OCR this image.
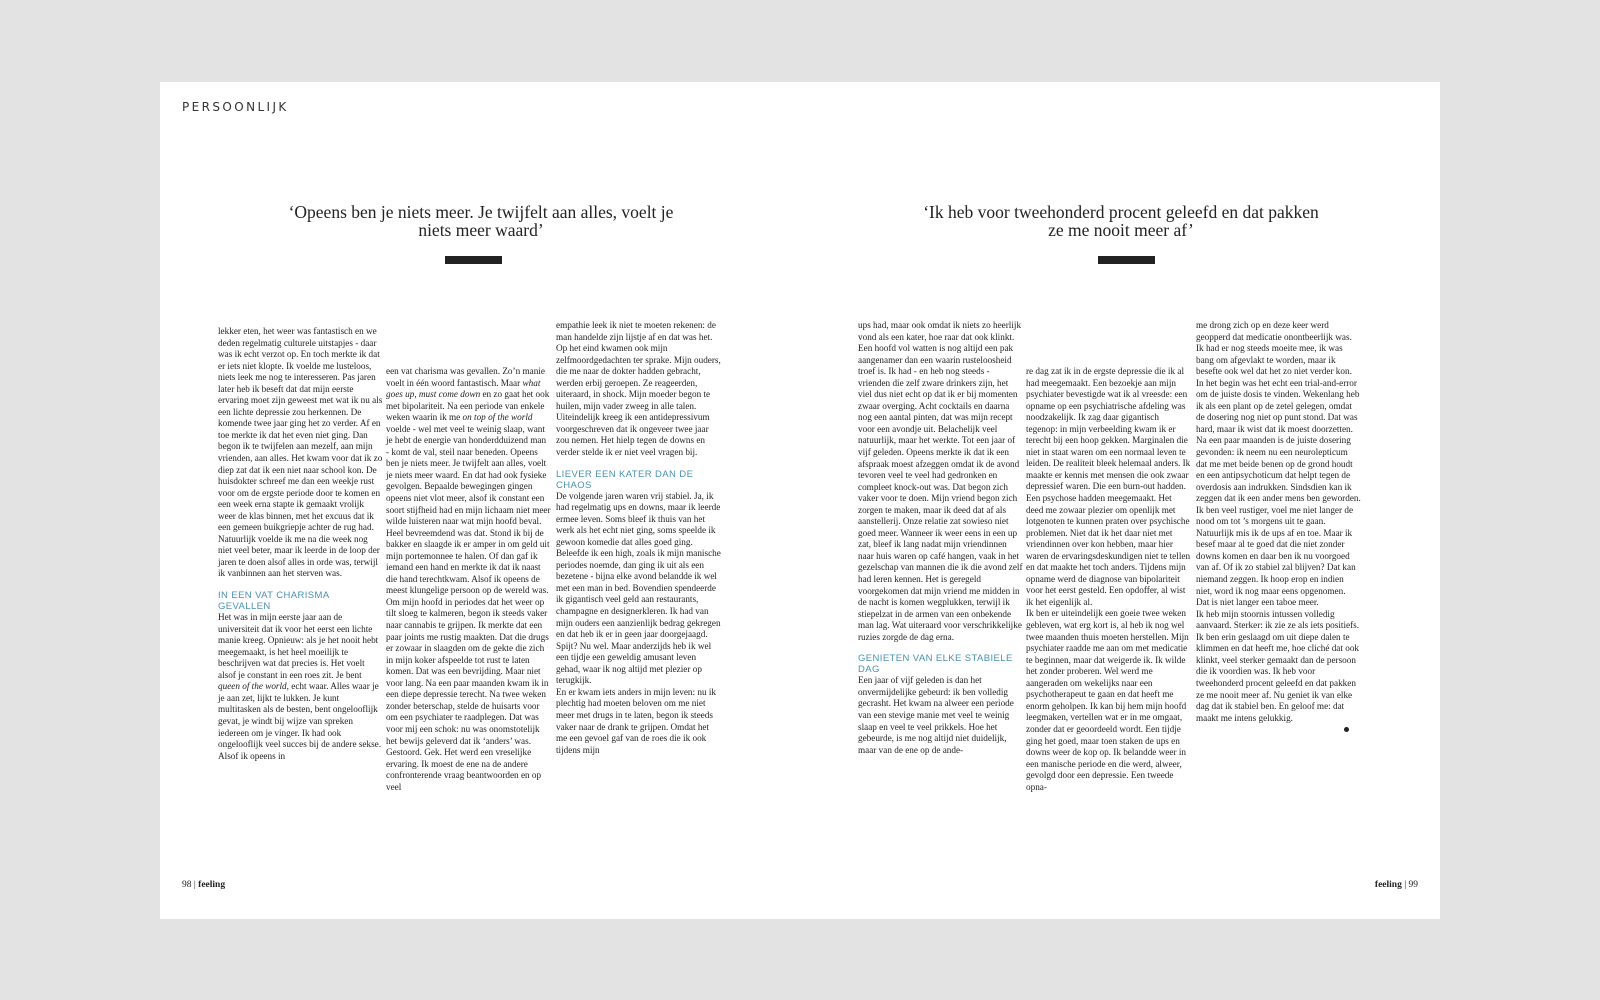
PERSOONLIJK
‘Opeens ben je niets meer. Je twijfelt aan alles, voelt je niets meer waard’

lekker eten, het weer was fantastisch en we deden regelmatig culturele uitstapjes - daar was ik echt verzot op. En toch merkte ik dat er iets niet klopte. Ik voelde me lusteloos, niets leek me nog te interesseren. Pas jaren later heb ik beseft dat dat mijn eerste ervaring moet zijn geweest met wat ik nu als een lichte depressie zou herkennen. De komende twee jaar ging het zo verder. Af en toe merkte ik dat het even niet ging. Dan begon ik te twijfelen aan mezelf, aan mijn vrienden, aan alles. Het kwam voor dat ik zo diep zat dat ik een niet naar school kon. De huisdokter schreef me dan een weekje rust voor om de ergste periode door te komen en een week erna stapte ik gemaakt vrolijk weer de klas binnen, met het excuus dat ik een gemeen buikgriepje achter de rug had. Natuurlijk voelde ik me na die week nog niet veel beter, maar ik leerde in de loop der jaren te doen alsof alles in orde was, terwijl ik vanbinnen aan het sterven was.

IN EEN VAT CHARISMA GEVALLEN

Het was in mijn eerste jaar aan de universiteit dat ik voor het eerst een lichte manie kreeg. Opnieuw: als je het nooit hebt meegemaakt, is het heel moeilijk te beschrijven wat dat precies is. Het voelt alsof je constant in een roes zit. Je bent queen of the world, echt waar. Alles waar je je aan zet, lijkt te lukken. Je kunt multitasken als de besten, bent ongelooflijk gevat, je windt bij wijze van spreken iedereen om je vinger. Ik had ook ongelooflijk veel succes bij de andere sekse. Alsof ik opeens in

een vat charisma was gevallen. Zo’n manie voelt in één woord fantastisch. Maar what goes up, must come down en zo gaat het ook met bipolariteit. Na een periode van enkele weken waarin ik me on top of the world voelde - wel met veel te weinig slaap, want je hebt de energie van honderdduizend man - komt de val, steil naar beneden. Opeens ben je niets meer. Je twijfelt aan alles, voelt je niets meer waard. En dat had ook fysieke gevolgen. Bepaalde bewegingen gingen opeens niet vlot meer, alsof ik constant een soort stijfheid had en mijn lichaam niet meer wilde luisteren naar wat mijn hoofd beval. Heel bevreemdend was dat. Stond ik bij de bakker en slaagde ik er amper in om geld uit mijn portemonnee te halen. Of dan gaf ik iemand een hand en merkte ik dat ik naast die hand terechtkwam. Alsof ik opeens de meest klungelige persoon op de wereld was.

Om mijn hoofd in periodes dat het weer op tilt sloeg te kalmeren, begon ik steeds vaker naar cannabis te grijpen. Ik merkte dat een paar joints me rustig maakten. Dat die drugs er zowaar in slaagden om de gekte die zich in mijn koker afspeelde tot rust te laten komen. Dat was een bevrijding. Maar niet voor lang. Na een paar maanden kwam ik in een diepe depressie terecht. Na twee weken zonder beterschap, stelde de huisarts voor om een psychiater te raadplegen. Dat was voor mij een schok: nu was onomstotelijk het bewijs geleverd dat ik ‘anders’ was. Gestoord. Gek. Het werd een vreselijke ervaring. Ik moest de ene na de andere confronterende vraag beantwoorden en op veel

empathie leek ik niet te moeten rekenen: de man handelde zijn lijstje af en dat was het. Op het eind kwamen ook mijn zelfmoordgedachten ter sprake. Mijn ouders, die me naar de dokter hadden gebracht, werden erbij geroepen. Ze reageerden, uiteraard, in shock. Mijn moeder begon te huilen, mijn vader zweeg in alle talen. Uiteindelijk kreeg ik een antidepressivum voorgeschreven dat ik ongeveer twee jaar zou nemen. Het hielp tegen de downs en verder stelde ik er niet veel vragen bij.

LIEVER EEN KATER DAN DE CHAOS

De volgende jaren waren vrij stabiel. Ja, ik had regelmatig ups en downs, maar ik leerde ermee leven. Soms bleef ik thuis van het werk als het echt niet ging, soms speelde ik gewoon komedie dat alles goed ging. Beleefde ik een high, zoals ik mijn manische periodes noemde, dan ging ik uit als een bezetene - bijna elke avond belandde ik wel met een man in bed. Bovendien spendeerde ik gigantisch veel geld aan restaurants, champagne en designerkleren. Ik had van mijn ouders een aanzienlijk bedrag gekregen en dat heb ik er in geen jaar doorgejaagd. Spijt? Nu wel. Maar anderzijds heb ik wel een tijdje een geweldig amusant leven gehad, waar ik nog altijd met plezier op terugkijk.

En er kwam iets anders in mijn leven: nu ik plechtig had moeten beloven om me niet meer met drugs in te laten, begon ik steeds vaker naar de drank te grijpen. Omdat het me een gevoel gaf van de roes die ik ook tijdens mijn

98 | feeling
‘Ik heb voor tweehonderd procent geleefd en dat pakken ze me nooit meer af’

ups had, maar ook omdat ik niets zo heerlijk vond als een kater, hoe raar dat ook klinkt. Een hoofd vol watten is nog altijd een pak aangenamer dan een waarin rusteloosheid troef is. Ik had - en heb nog steeds - vrienden die zelf zware drinkers zijn, het viel dus niet echt op dat ik er bij momenten zwaar overging. Acht cocktails en daarna nog een aantal pinten, dat was mijn recept voor een avondje uit. Belachelijk veel natuurlijk, maar het werkte. Tot een jaar of vijf geleden. Opeens merkte ik dat ik een afspraak moest afzeggen omdat ik de avond tevoren veel te veel had gedronken en compleet knock-out was. Dat begon zich vaker voor te doen. Mijn vriend begon zich zorgen te maken, maar ik deed dat af als aanstellerij. Onze relatie zat sowieso niet goed meer. Wanneer ik weer eens in een up zat, bleef ik lang nadat mijn vriendinnen naar huis waren op café hangen, vaak in het gezelschap van mannen die ik die avond zelf had leren kennen. Het is geregeld voorgekomen dat mijn vriend me midden in de nacht is komen wegplukken, terwijl ik stiepelzat in de armen van een onbekende man lag. Wat uiteraard voor verschrikkelijke ruzies zorgde de dag erna.

GENIETEN VAN ELKE STABIELE DAG

Een jaar of vijf geleden is dan het onvermijdelijke gebeurd: ik ben volledig gecrasht. Het kwam na alweer een periode van een stevige manie met veel te weinig slaap en veel te veel prikkels. Hoe het gebeurde, is me nog altijd niet duidelijk, maar van de ene op de ande-

re dag zat ik in de ergste depressie die ik al had meegemaakt. Een bezoekje aan mijn psychiater bevestigde wat ik al vreesde: een opname op een psychiatrische afdeling was noodzakelijk. Ik zag daar gigantisch tegenop: in mijn verbeelding kwam ik er terecht bij een hoop gekken. Marginalen die niet in staat waren om een normaal leven te leiden. De realiteit bleek helemaal anders. Ik maakte er kennis met mensen die ook zwaar depressief waren. Die een burn-out hadden. Een psychose hadden meegemaakt. Het deed me zowaar plezier om openlijk met lotgenoten te kunnen praten over psychische problemen. Niet dat ik het daar niet met vriendinnen over kon hebben, maar hier waren de ervaringsdeskundigen niet te tellen en dat maakte het toch anders. Tijdens mijn opname werd de diagnose van bipolariteit voor het eerst gesteld. Een opdoffer, al wist ik het eigenlijk al.

Ik ben er uiteindelijk een goeie twee weken gebleven, wat erg kort is, al heb ik nog wel twee maanden thuis moeten herstellen. Mijn psychiater raadde me aan om met medicatie te beginnen, maar dat weigerde ik. Ik wilde het zonder proberen. Wel werd me aangeraden om wekelijks naar een psychotherapeut te gaan en dat heeft me enorm geholpen. Ik kan bij hem mijn hoofd leegmaken, vertellen wat er in me omgaat, zonder dat er geoordeeld wordt. Een tijdje ging het goed, maar toen staken de ups en downs weer de kop op. Ik belandde weer in een manische periode en die werd, alweer, gevolgd door een depressie. Een tweede opna-

me drong zich op en deze keer werd geopperd dat medicatie onontbeerlijk was. Ik had er nog steeds moeite mee, ik was bang om afgevlakt te worden, maar ik besefte ook wel dat het zo niet verder kon. In het begin was het echt een trial-and-error om de juiste dosis te vinden. Wekenlang heb ik als een plant op de zetel gelegen, omdat de dosering nog niet op punt stond. Dat was hard, maar ik wist dat ik moest doorzetten. Na een paar maanden is de juiste dosering gevonden: ik neem nu een neurolepticum dat me met beide benen op de grond houdt en een antipsychoticum dat helpt tegen de overdosis aan indrukken. Sindsdien kan ik zeggen dat ik een ander mens ben geworden. Ik ben veel rustiger, voel me niet langer de nood om tot ’s morgens uit te gaan. Natuurlijk mis ik de ups af en toe. Maar ik besef maar al te goed dat die niet zonder downs komen en daar ben ik nu voorgoed van af. Of ik zo stabiel zal blijven? Dat kan niemand zeggen. Ik hoop erop en indien niet, word ik nog maar eens opgenomen. Dat is niet langer een taboe meer.

Ik heb mijn stoornis intussen volledig aanvaard. Sterker: ik zie ze als iets positiefs. Ik ben erin geslaagd om uit diepe dalen te klimmen en dat heeft me, hoe cliché dat ook klinkt, veel sterker gemaakt dan de persoon die ik voordien was. Ik heb voor tweehonderd procent geleefd en dat pakken ze me nooit meer af. Nu geniet ik van elke dag dat ik stabiel ben. En geloof me: dat maakt me intens gelukkig.

feeling | 99
